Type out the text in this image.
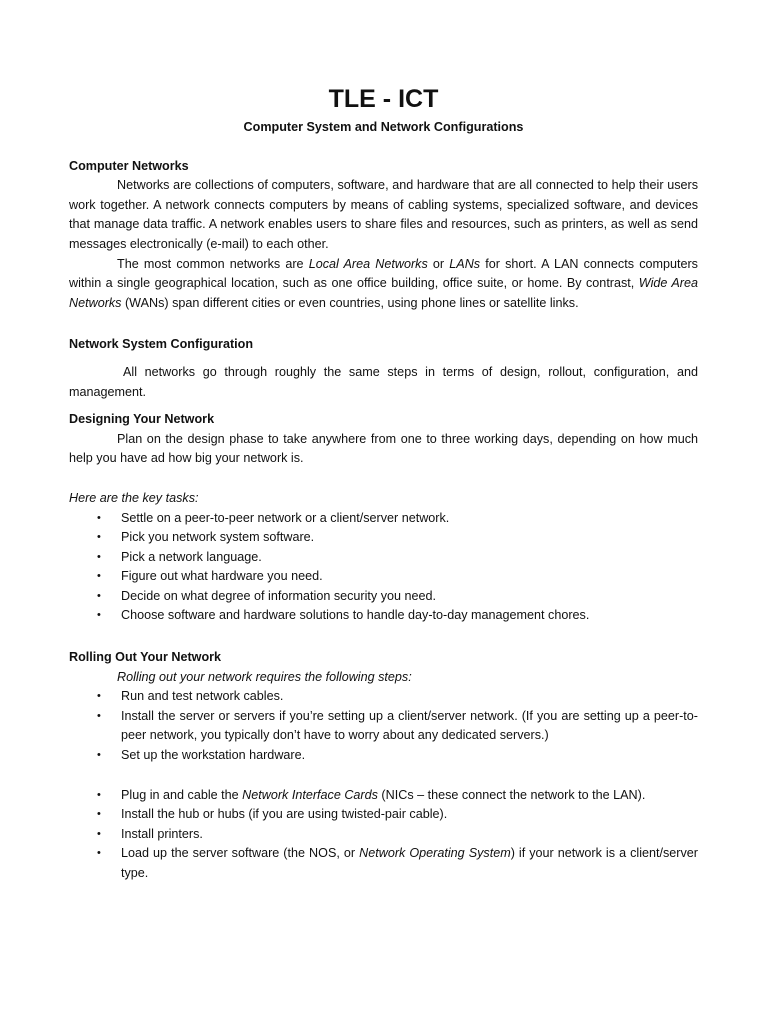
TLE - ICT
Computer System and Network Configurations
Computer Networks

Networks are collections of computers, software, and hardware that are all connected to help their users work together. A network connects computers by means of cabling systems, specialized software, and devices that manage data traffic. A network enables users to share files and resources, such as printers, as well as send messages electronically (e-mail) to each other.

The most common networks are Local Area Networks or LANs for short. A LAN connects computers within a single geographical location, such as one office building, office suite, or home. By contrast, Wide Area Networks (WANs) span different cities or even countries, using phone lines or satellite links.

Network System Configuration

All networks go through roughly the same steps in terms of design, rollout, configuration, and management.

Designing Your Network

Plan on the design phase to take anywhere from one to three working days, depending on how much help you have ad how big your network is.

Here are the key tasks:

• Settle on a peer-to-peer network or a client/server network.
• Pick you network system software.
• Pick a network language.
• Figure out what hardware you need.
• Decide on what degree of information security you need.
• Choose software and hardware solutions to handle day-to-day management chores.
Rolling Out Your Network

Rolling out your network requires the following steps:

• Run and test network cables.
• Install the server or servers if you’re setting up a client/server network. (If you are setting up a peer-to-peer network, you typically don’t have to worry about any dedicated servers.)
• Set up the workstation hardware.
• Plug in and cable the Network Interface Cards (NICs – these connect the network to the LAN).
• Install the hub or hubs (if you are using twisted-pair cable).
• Install printers.
• Load up the server software (the NOS, or Network Operating System) if your network is a client/server type.
